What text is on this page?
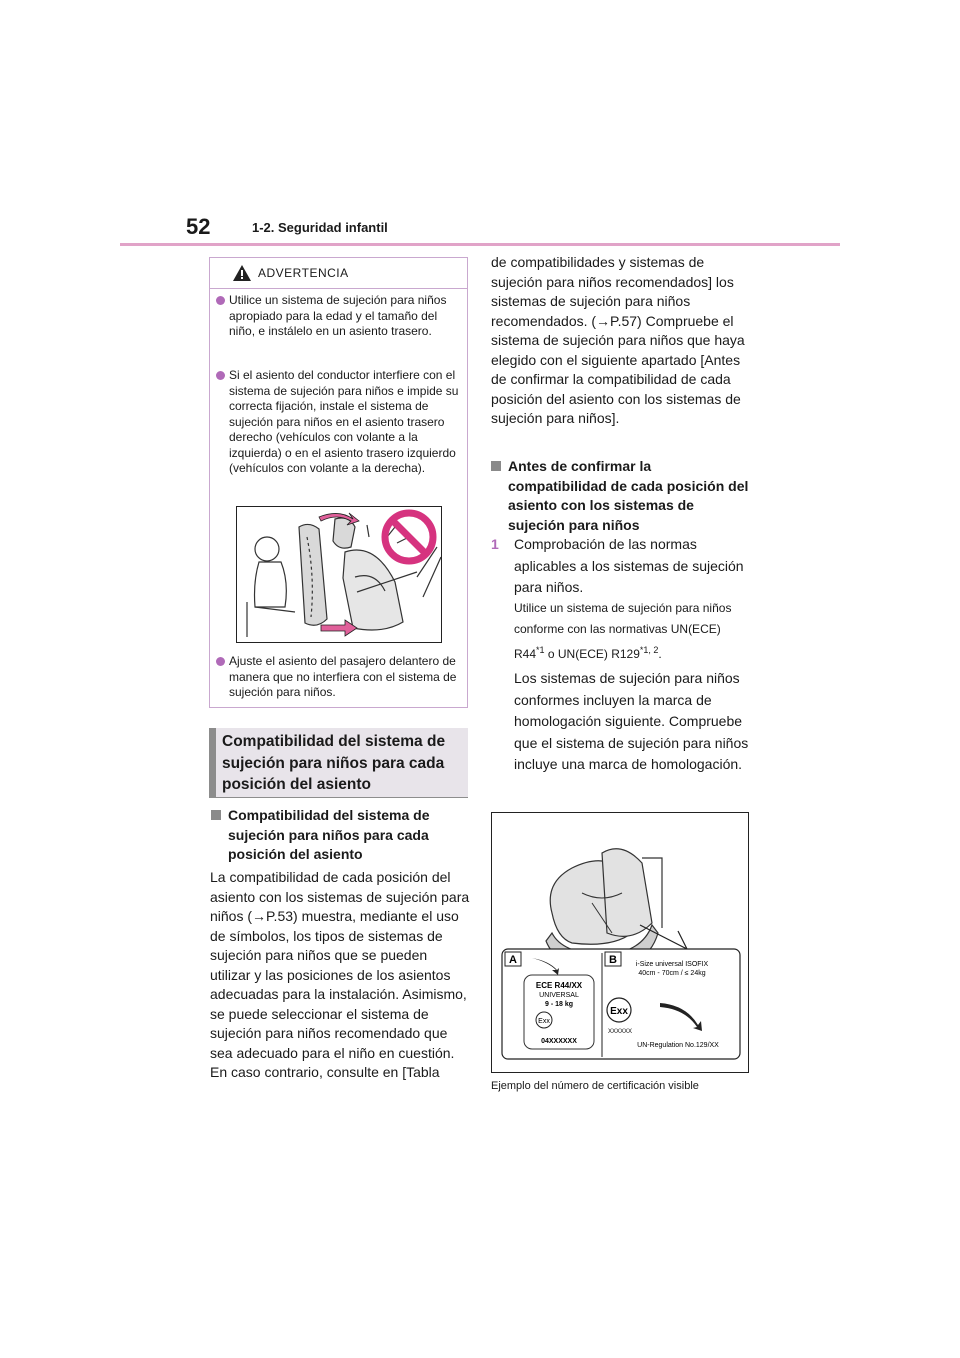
52	1-2. Seguridad infantil
ADVERTENCIA
Utilice un sistema de sujeción para niños apropiado para la edad y el tamaño del niño, e instálelo en un asiento trasero.
Si el asiento del conductor interfiere con el sistema de sujeción para niños e impide su correcta fijación, instale el sistema de sujeción para niños en el asiento trasero derecho (vehículos con volante a la izquierda) o en el asiento trasero izquierdo (vehículos con volante a la derecha).
Ajuste el asiento del pasajero delantero de manera que no interfiera con el sistema de sujeción para niños.
Compatibilidad del sistema de sujeción para niños para cada posición del asiento
Compatibilidad del sistema de sujeción para niños para cada posición del asiento
La compatibilidad de cada posición del asiento con los sistemas de sujeción para niños (→P.53) muestra, mediante el uso de símbolos, los tipos de sistemas de sujeción para niños que se pueden utilizar y las posiciones de los asientos adecuadas para la instalación. Asimismo, se puede seleccionar el sistema de sujeción para niños recomendado que sea adecuado para el niño en cuestión. En caso contrario, consulte en [Tabla
de compatibilidades y sistemas de sujeción para niños recomendados] los sistemas de sujeción para niños recomendados. (→P.57) Compruebe el sistema de sujeción para niños que haya elegido con el siguiente apartado [Antes de confirmar la compatibilidad de cada posición del asiento con los sistemas de sujeción para niños].
Antes de confirmar la compatibilidad de cada posición del asiento con los sistemas de sujeción para niños
1 Comprobación de las normas aplicables a los sistemas de sujeción para niños.
Utilice un sistema de sujeción para niños conforme con las normativas UN(ECE) R44$^{*1}$ o UN(ECE) R129$^{*1, 2}$.
Los sistemas de sujeción para niños conformes incluyen la marca de homologación siguiente. Compruebe que el sistema de sujeción para niños incluye una marca de homologación.
A	B
ECE R44/XX
UNIVERSAL
9 - 18 kg
Exx
04XXXXXX
i-Size universal ISOFIX
40cm - 70cm / ≤ 24kg
Exx
XXXXXX
UN-Regulation No.129/XX
Ejemplo del número de certificación visible
